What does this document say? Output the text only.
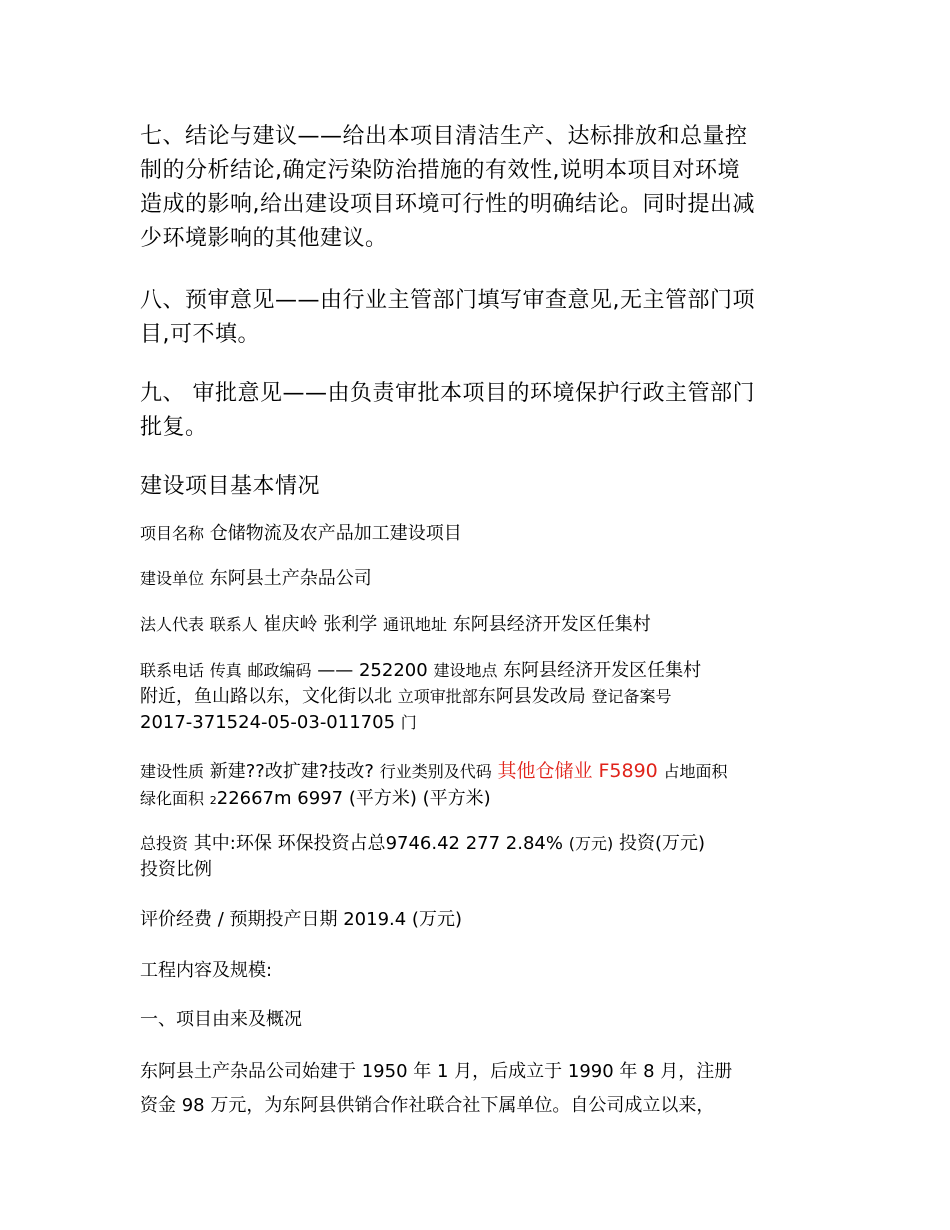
七、结论与建议——给出本项目清洁生产、达标排放和总量控
制的分析结论,确定污染防治措施的有效性,说明本项目对环境
造成的影响,给出建设项目环境可行性的明确结论。同时提出减
少环境影响的其他建议。
八、预审意见——由行业主管部门填写审查意见,无主管部门项
目,可不填。
九、 审批意见——由负责审批本项目的环境保护行政主管部门
批复。
建设项目基本情况
项目名称 仓储物流及农产品加工建设项目
建设单位 东阿县土产杂品公司
法人代表 联系人 崔庆岭 张利学 通讯地址 东阿县经济开发区任集村
联系电话 传真 邮政编码 —— 252200 建设地点 东阿县经济开发区任集村
附近，鱼山路以东，文化街以北 立项审批部东阿县发改局 登记备案号
2017-371524-05-03-011705 门
建设性质 新建??改扩建?技改? 行业类别及代码 其他仓储业 F5890 占地面积
绿化面积 222667m 6997 (平方米) (平方米)
总投资 其中:环保 环保投资占总9746.42 277 2.84% (万元) 投资(万元)
投资比例
评价经费 / 预期投产日期 2019.4 (万元)
工程内容及规模:
一、项目由来及概况
东阿县土产杂品公司始建于 1950 年 1 月，后成立于 1990 年 8 月，注册
资金 98 万元，为东阿县供销合作社联合社下属单位。自公司成立以来，
